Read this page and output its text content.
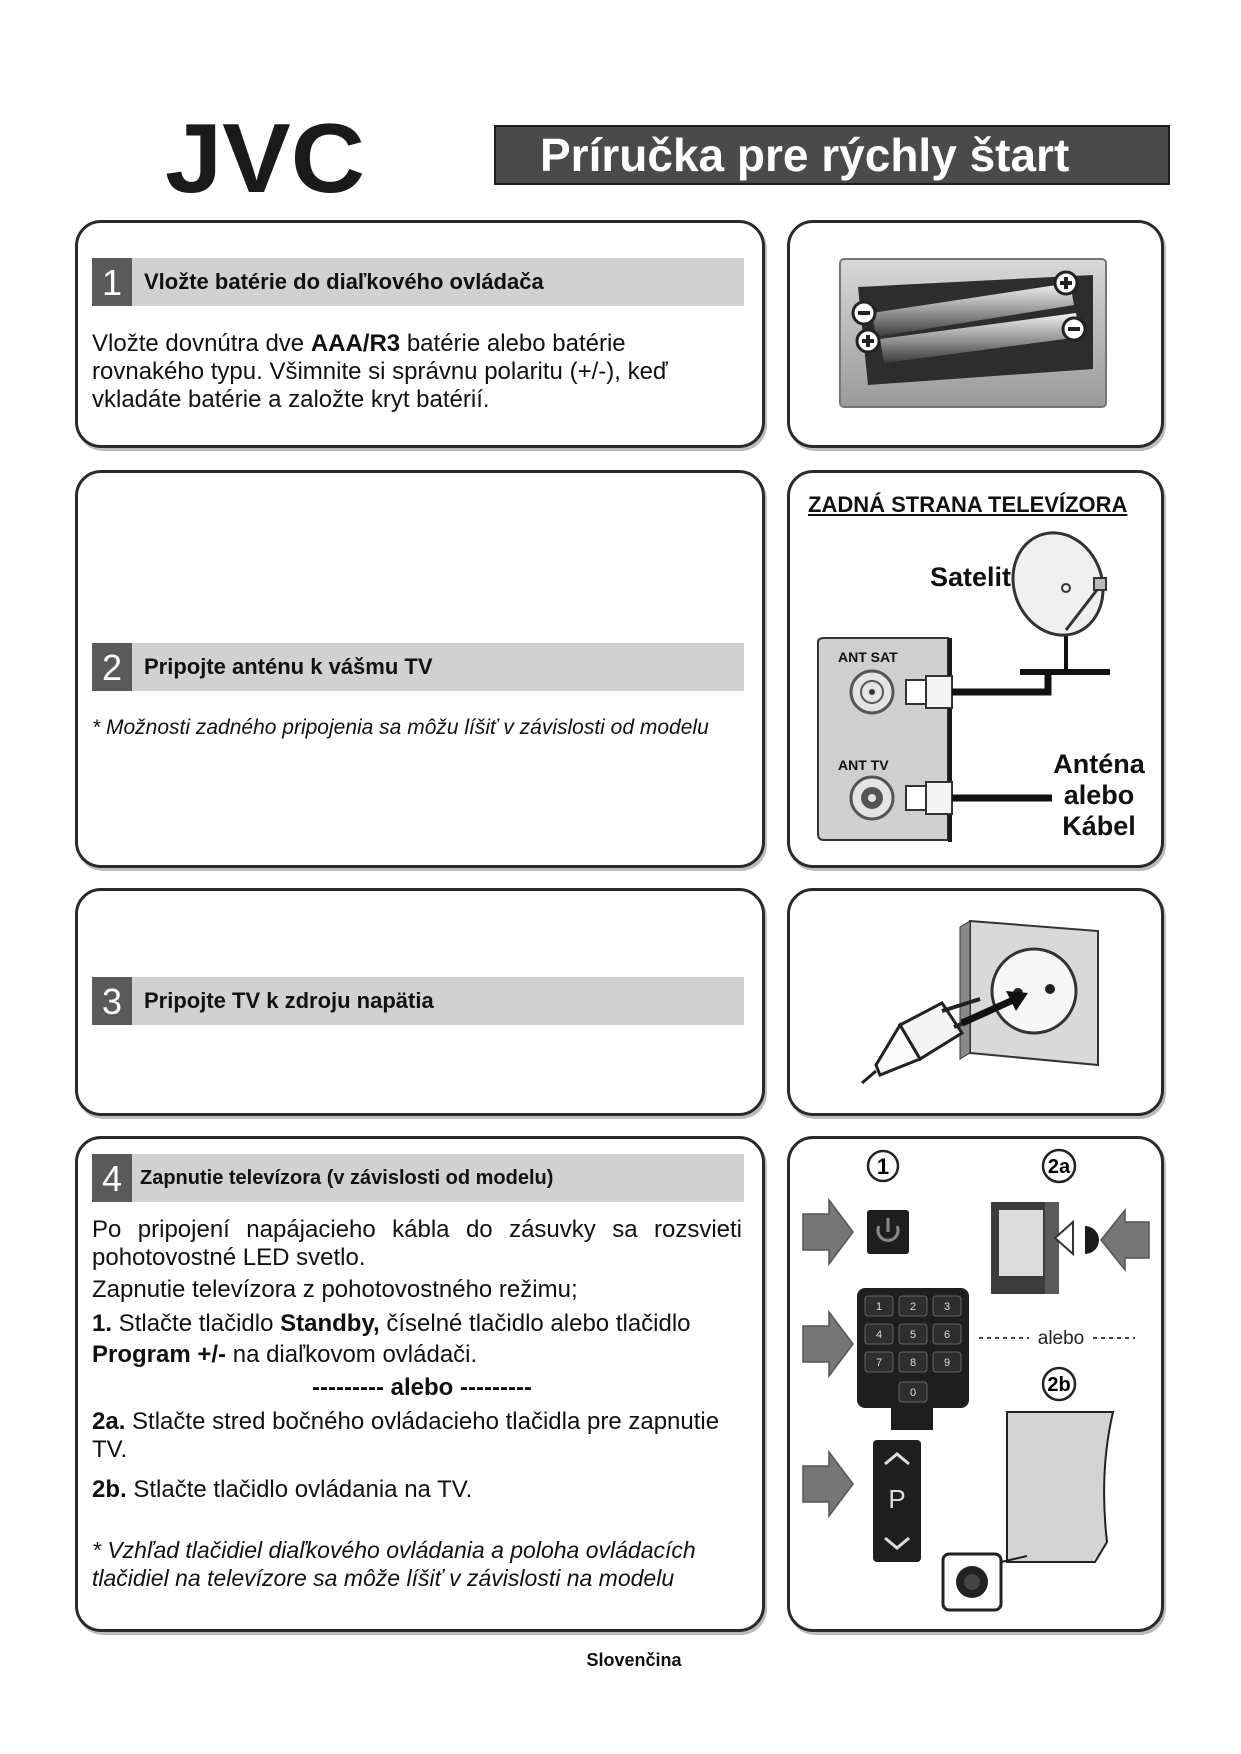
JVC	Príručka pre rýchly štart
1 Vložte batérie do diaľkového ovládača
Vložte dovnútra dve AAA/R3 batérie alebo batérie rovnakého typu. Všimnite si správnu polaritu (+/-), keď vkladáte batérie a založte kryt batérií.
2 Pripojte anténu k vášmu TV
* Možnosti zadného pripojenia sa môžu líšiť v závislosti od modelu
ZADNÁ STRANA TELEVÍZORA
Satelit
ANT SAT
ANT TV	Anténa
alebo
Kábel
3 Pripojte TV k zdroju napätia
4 Zapnutie televízora (v závislosti od modelu)
Po pripojení napájacieho kábla do zásuvky sa rozsvieti pohotovostné LED svetlo.
Zapnutie televízora z pohotovostného režimu;
1. Stlačte tlačidlo Standby, číselné tlačidlo alebo tlačidlo Program +/- na diaľkovom ovládači.
--------- alebo ---------
2a. Stlačte stred bočného ovládacieho tlačidla pre zapnutie TV.
2b. Stlačte tlačidlo ovládania na TV.
* Vzhľad tlačidiel diaľkového ovládania a poloha ovládacích tlačidiel na televízore sa môže líšiť v závislosti na modelu
1	2a
2b
1	2	3
4	5	6
7	8	9
0
P
alebo
Slovenčina
